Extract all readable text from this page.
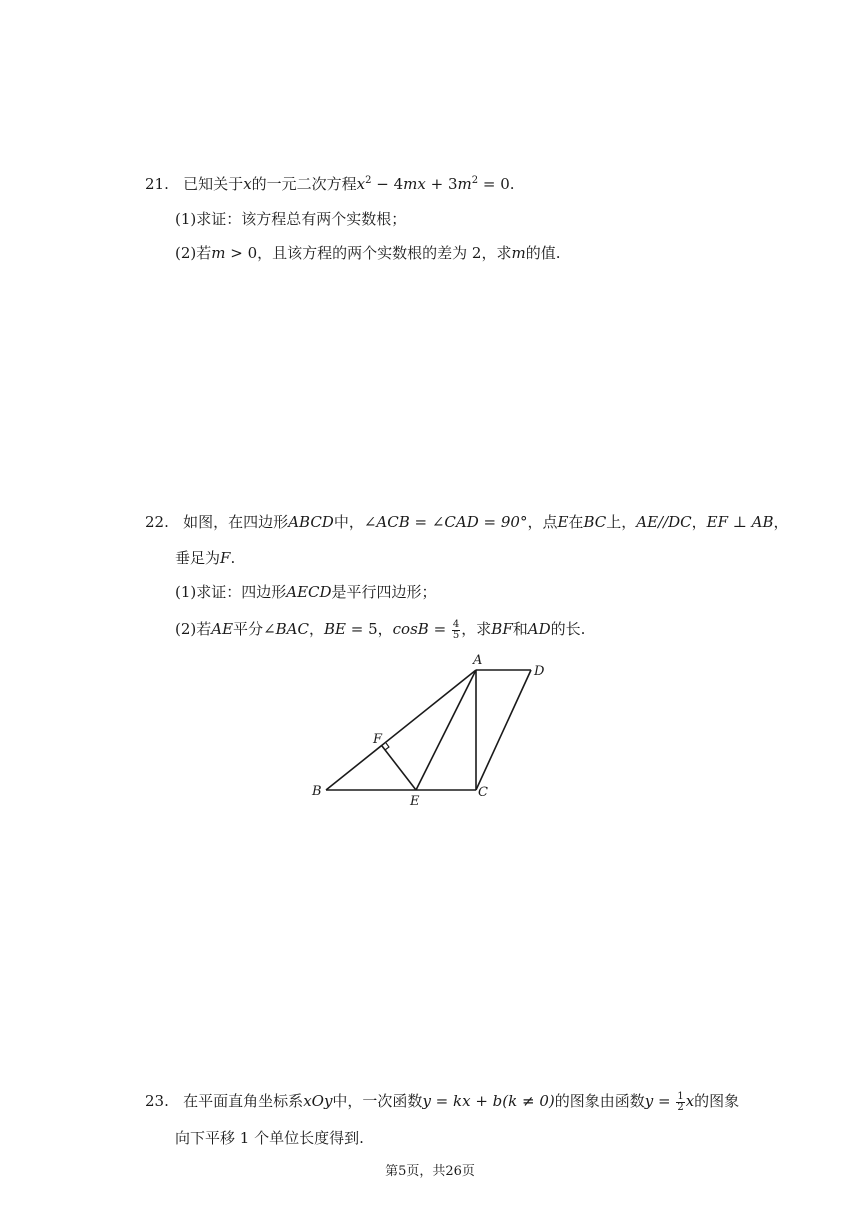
21. 已知关于x的一元二次方程$x^2 - 4mx + 3m^2 = 0$.
(1)求证：该方程总有两个实数根；
(2)若m > 0，且该方程的两个实数根的差为 2，求m的值.
22. 如图，在四边形ABCD中，∠ACB = ∠CAD = 90°，点E在BC上，AE//DC，EF ⊥ AB，
垂足为F.
(1)求证：四边形AECD是平行四边形；
(2)若AE平分∠BAC，BE = 5，$\cos B = \frac{4}{5}$ ，求BF和AD的长.
A
D
F
B
E
C
23. 在平面直角坐标系xOy中，一次函数y = kx + b(k ≠ 0)的图象由函数$y = \frac{1}{2}$ x的图象
向下平移 1 个单位长度得到.
第5页，共26页
